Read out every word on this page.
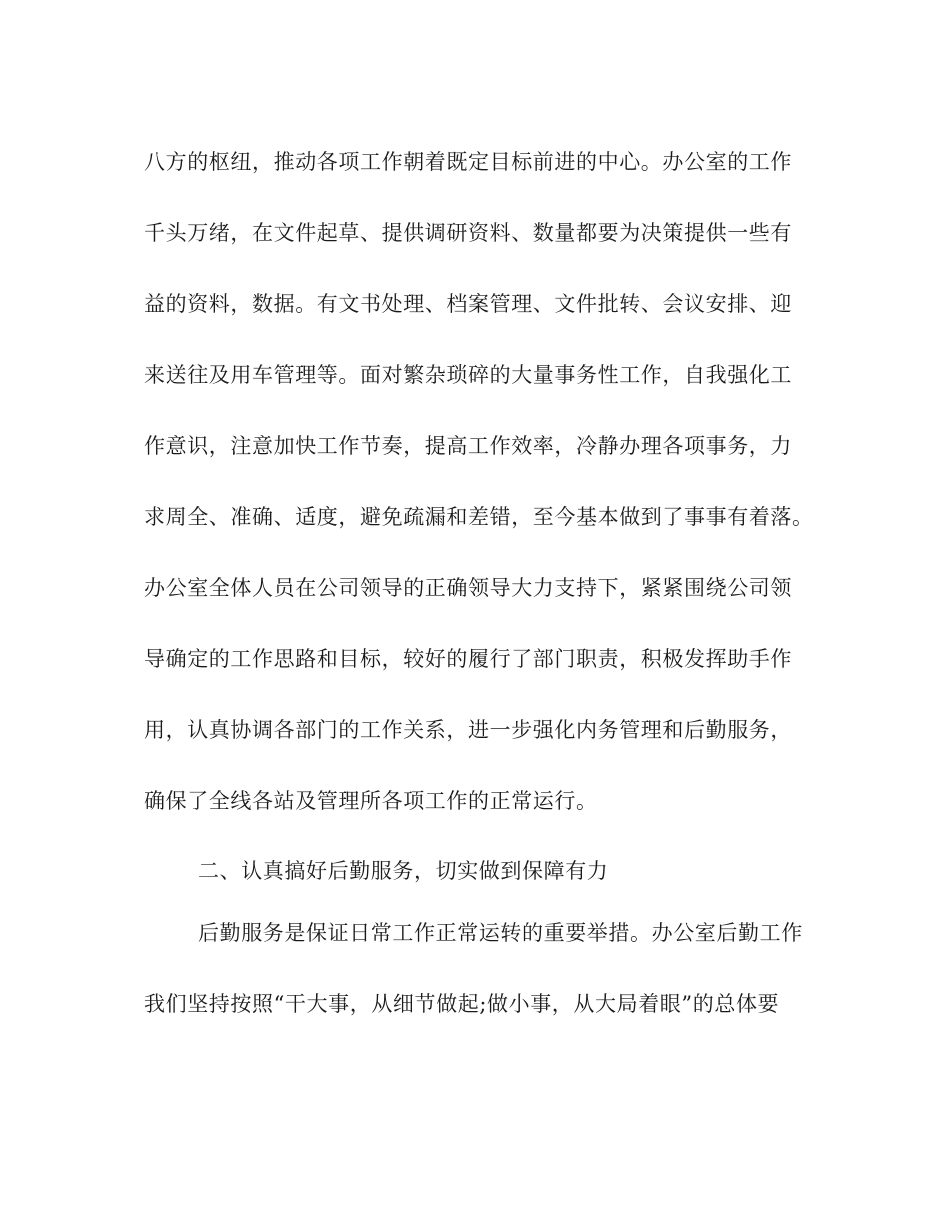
八方的枢纽，推动各项工作朝着既定目标前进的中心。办公室的工作
千头万绪，在文件起草、提供调研资料、数量都要为决策提供一些有
益的资料，数据。有文书处理、档案管理、文件批转、会议安排、迎
来送往及用车管理等。面对繁杂琐碎的大量事务性工作，自我强化工
作意识，注意加快工作节奏，提高工作效率，冷静办理各项事务，力
求周全、准确、适度，避免疏漏和差错，至今基本做到了事事有着落。
办公室全体人员在公司领导的正确领导大力支持下，紧紧围绕公司领
导确定的工作思路和目标，较好的履行了部门职责，积极发挥助手作
用，认真协调各部门的工作关系，进一步强化内务管理和后勤服务，
确保了全线各站及管理所各项工作的正常运行。
二、认真搞好后勤服务，切实做到保障有力
后勤服务是保证日常工作正常运转的重要举措。办公室后勤工作
我们坚持按照“干大事，从细节做起;做小事，从大局着眼”的总体要
